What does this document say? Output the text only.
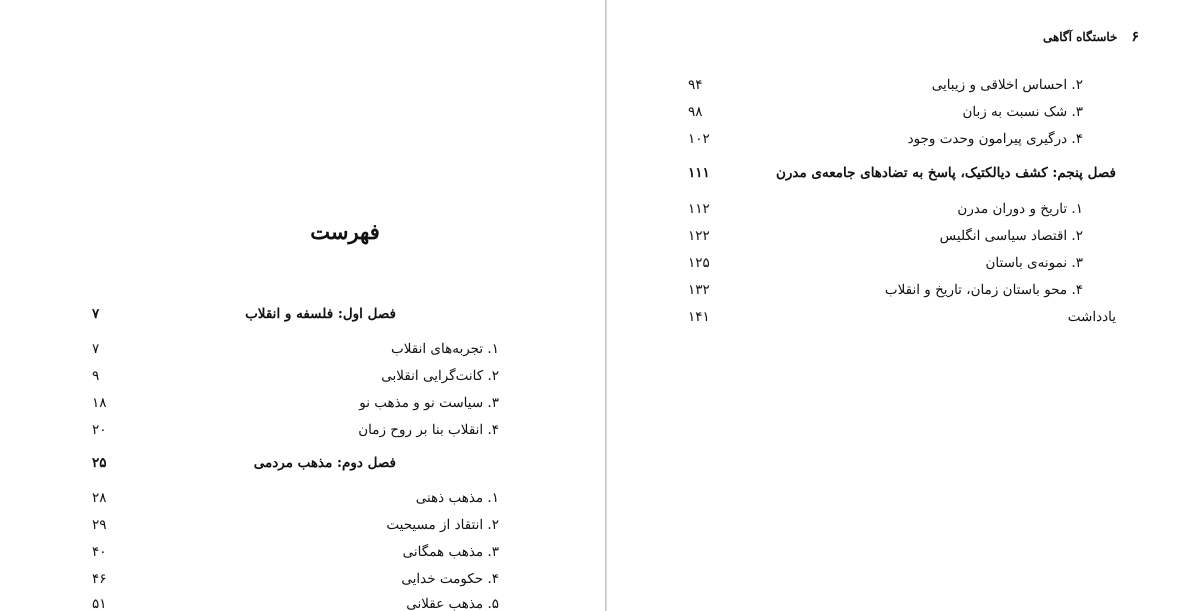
فهرست
فصل اول: فلسفه و انقلاب
۷
۱. تجربه‌های انقلاب
۷
۲. کانت‌گرایی انقلابی
۹
۳. سیاست نو و مذهب نو
۱۸
۴. انقلاب بنا بر روح زمان
۲۰
فصل دوم: مذهب مردمی
۲۵
۱. مذهب ذهنی
۲۸
۲. انتقاد از مسیحیت
۲۹
۳. مذهب همگانی
۴۰
۴. حکومت خدایی
۴۶
۵. مذهب عقلانی
۵۱
۶خاستگاه آگاهی
۲. احساس اخلاقی و زیبایی
۹۴
۳. شک نسبت به زبان
۹۸
۴. درگیری پیرامون وحدت وجود
۱۰۲
فصل پنجم: کشف دیالکتیک، پاسخ به تضادهای جامعه‌ی مدرن
۱۱۱
۱. تاریخ و دوران مدرن
۱۱۲
۲. اقتصاد سیاسی انگلیس
۱۲۲
۳. نمونه‌ی باستان
۱۲۵
۴. محو باستان زمان، تاریخ و انقلاب
۱۳۲
یادداشت
۱۴۱
